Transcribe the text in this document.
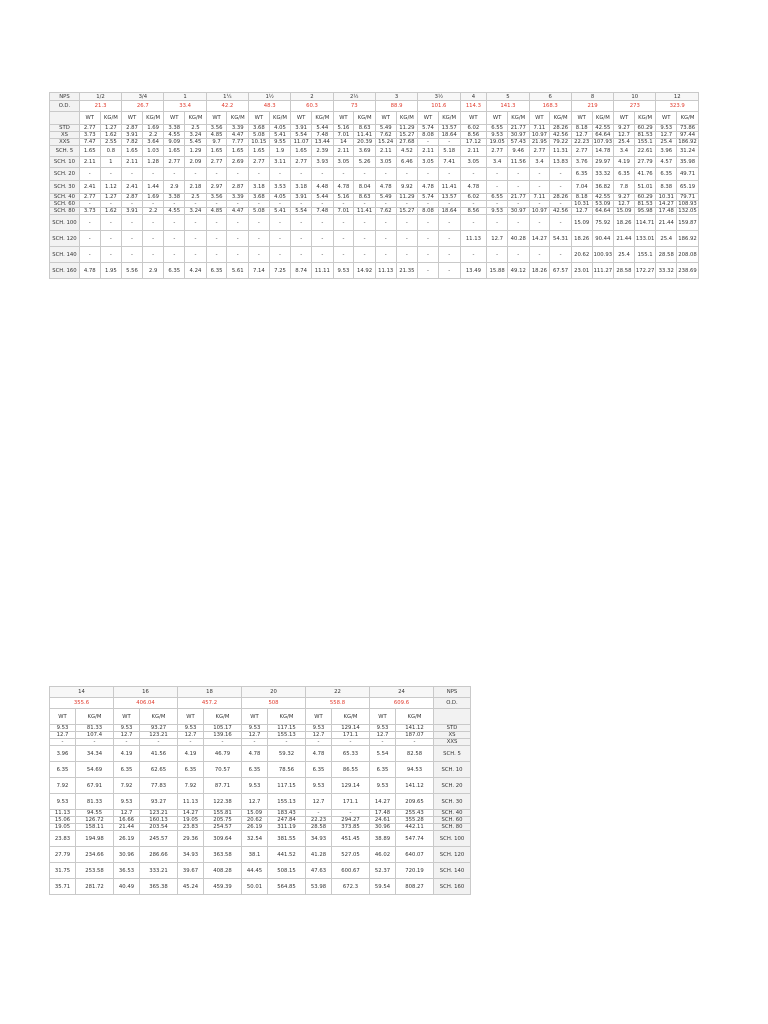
NPS	1/2		3/4		1		1¼		1½		2		2½		3		3½		4	5		6		8		10		12	
O.D.	21.3		26.7		33.4		42.2		48.3		60.3		73		88.9		101.6		114.3	141.3		168.3		219		273		323.9	
	WT	KG/M	WT	KG/M	WT	KG/M	WT	KG/M	WT	KG/M	WT	KG/M	WT	KG/M	WT	KG/M	WT	KG/M	WT	WT	KG/M	WT	KG/M	WT	KG/M	WT	KG/M	WT	KG/M
STD	2.77	1.27	2.87	1.69	3.38	2.5	3.56	3.39	3.68	4.05	3.91	5.44	5.16	8.63	5.49	11.29	5.74	13.57	6.02	6.55	21.77	7.11	28.26	8.18	42.55	9.27	60.29	9.53	73.86
XS	3.73	1.62	3.91	2.2	4.55	3.24	4.85	4.47	5.08	5.41	5.54	7.48	7.01	11.41	7.62	15.27	8.08	18.64	8.56	9.53	30.97	10.97	42.56	12.7	64.64	12.7	81.53	12.7	97.44
XXS	7.47	2.55	7.82	3.64	9.09	5.45	9.7	7.77	10.15	9.55	11.07	13.44	14	20.39	15.24	27.68	-	-	17.12	19.05	57.43	21.95	79.22	22.23	107.93	25.4	155.1	25.4	186.92
SCH. 5	1.65	0.8	1.65	1.03	1.65	1.29	1.65	1.65	1.65	1.9	1.65	2.39	2.11	3.69	2.11	4.52	2.11	5.18	2.11	2.77	9.46	2.77	11.31	2.77	14.78	3.4	22.61	3.96	31.24
SCH. 10	2.11	1	2.11	1.28	2.77	2.09	2.77	2.69	2.77	3.11	2.77	3.93	3.05	5.26	3.05	6.46	3.05	7.41	3.05	3.4	11.56	3.4	13.83	3.76	29.97	4.19	27.79	4.57	35.98
SCH. 20	-	-	-	-	-	-	-	-	-	-	-	-	-	-	-	-	-	-	-	-	-	-	-	6.35	33.32	6.35	41.76	6.35	49.71
SCH. 30	2.41	1.12	2.41	1.44	2.9	2.18	2.97	2.87	3.18	3.53	3.18	4.48	4.78	8.04	4.78	9.92	4.78	11.41	4.78	-	-	-	-	7.04	36.82	7.8	51.01	8.38	65.19
SCH. 40	2.77	1.27	2.87	1.69	3.38	2.5	3.56	3.39	3.68	4.05	3.91	5.44	5.16	8.63	5.49	11.29	5.74	13.57	6.02	6.55	21.77	7.11	28.26	8.18	42.55	9.27	60.29	10.31	79.71
SCH. 60	-	-	-	-	-	-	-	-	-	-	-	-	-	-	-	-	-	-	-	-	-	-	-	10.31	53.09	12.7	81.53	14.27	108.93
SCH. 80	3.73	1.62	3.91	2.2	4.55	3.24	4.85	4.47	5.08	5.41	5.54	7.48	7.01	11.41	7.62	15.27	8.08	18.64	8.56	9.53	30.97	10.97	42.56	12.7	64.64	15.09	95.98	17.48	132.05
SCH. 100	-	-	-	-	-	-	-	-	-	-	-	-	-	-	-	-	-	-	-	-	-	-	-	15.09	75.92	18.26	114.71	21.44	159.87
SCH. 120	-	-	-	-	-	-	-	-	-	-	-	-	-	-	-	-	-	-	11.13	12.7	40.28	14.27	54.31	18.26	90.44	21.44	133.01	25.4	186.92
SCH. 140	-	-	-	-	-	-	-	-	-	-	-	-	-	-	-	-	-	-	-	-	-	-	-	20.62	100.93	25.4	155.1	28.58	208.08
SCH. 160	4.78	1.95	5.56	2.9	6.35	4.24	6.35	5.61	7.14	7.25	8.74	11.11	9.53	14.92	11.13	21.35	-	-	13.49	15.88	49.12	18.26	67.57	23.01	111.27	28.58	172.27	33.32	238.69
14		16		18		20		22		24		NPS
355.6		406.04		457.2		508		558.8		609.6		O.D.
WT	KG/M	WT	KG/M	WT	KG/M	WT	KG/M	WT	KG/M	WT	KG/M	
9.53	81.33	9.53	93.27	9.53	105.17	9.53	117.15	9.53	129.14	9.53	141.12	STD
12.7	107.4	12.7	123.21	12.7	139.16	12.7	155.13	12.7	171.1	12.7	187.07	XS
-	-	-	-	-	-	-	-	-	-	-	-	XXS
3.96	34.34	4.19	41.56	4.19	46.79	4.78	59.32	4.78	65.33	5.54	82.58	SCH. 5
6.35	54.69	6.35	62.65	6.35	70.57	6.35	78.56	6.35	86.55	6.35	94.53	SCH. 10
7.92	67.91	7.92	77.83	7.92	87.71	9.53	117.15	9.53	129.14	9.53	141.12	SCH. 20
9.53	81.33	9.53	93.27	11.13	122.38	12.7	155.13	12.7	171.1	14.27	209.65	SCH. 30
11.13	94.55	12.7	123.21	14.27	155.81	15.09	183.43	-	-	17.48	255.43	SCH. 40
15.06	126.72	16.66	160.13	19.05	205.75	20.62	247.84	22.23	294.27	24.61	355.28	SCH. 60
19.05	158.11	21.44	203.54	23.83	254.57	26.19	311.19	28.58	373.85	30.96	442.11	SCH. 80
23.83	194.98	26.19	245.57	29.36	309.64	32.54	381.55	34.93	451.45	38.89	547.74	SCH. 100
27.79	234.66	30.96	286.66	34.93	363.58	38.1	441.52	41.28	527.05	46.02	640.07	SCH. 120
31.75	253.58	36.53	333.21	39.67	408.28	44.45	508.15	47.63	600.67	52.37	720.19	SCH. 140
35.71	281.72	40.49	365.38	45.24	459.39	50.01	564.85	53.98	672.3	59.54	808.27	SCH. 160
